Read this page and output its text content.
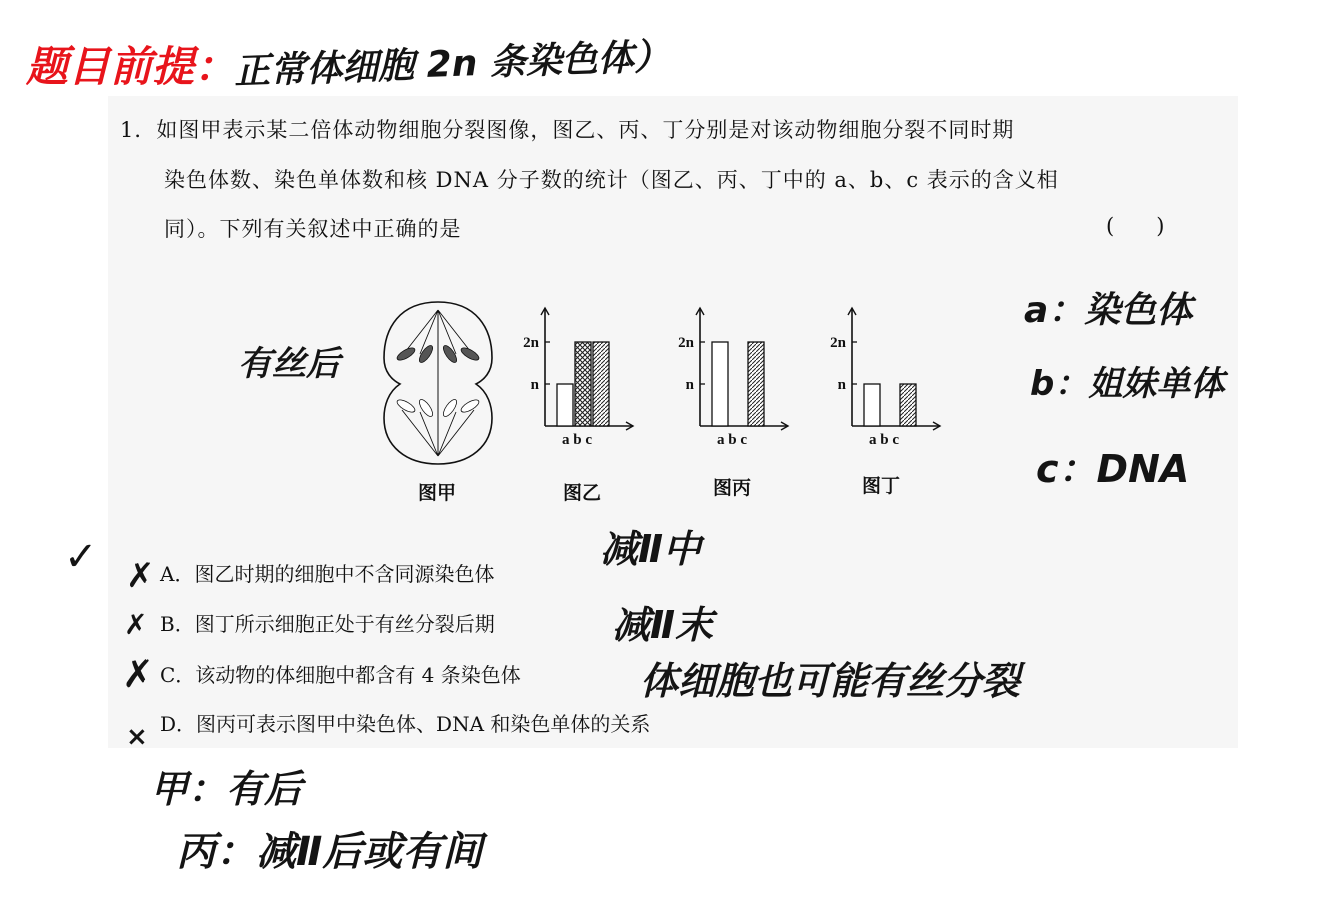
题目前提：
正常体细胞 2n 条染色体）
1．如图甲表示某二倍体动物细胞分裂图像，图乙、丙、丁分别是对该动物细胞分裂不同时期
染色体数、染色单体数和核 DNA 分子数的统计（图乙、丙、丁中的 a、b、c 表示的含义相
同）。下列有关叙述中正确的是	(　　)
图甲
n
2n
a b c
图乙
n
2n
a b c
图丙
n
2n
a b c
图丁
有丝后
a：染色体
b：姐妹单体
c：DNA
A．图乙时期的细胞中不含同源染色体
B．图丁所示细胞正处于有丝分裂后期
C．该动物的体细胞中都含有 4 条染色体
D．图丙可表示图甲中染色体、DNA 和染色单体的关系
✓ ✗
✗
✗
×
减Ⅱ中
减Ⅱ末
体细胞也可能有丝分裂
甲：有后
丙：减Ⅱ后或有间
